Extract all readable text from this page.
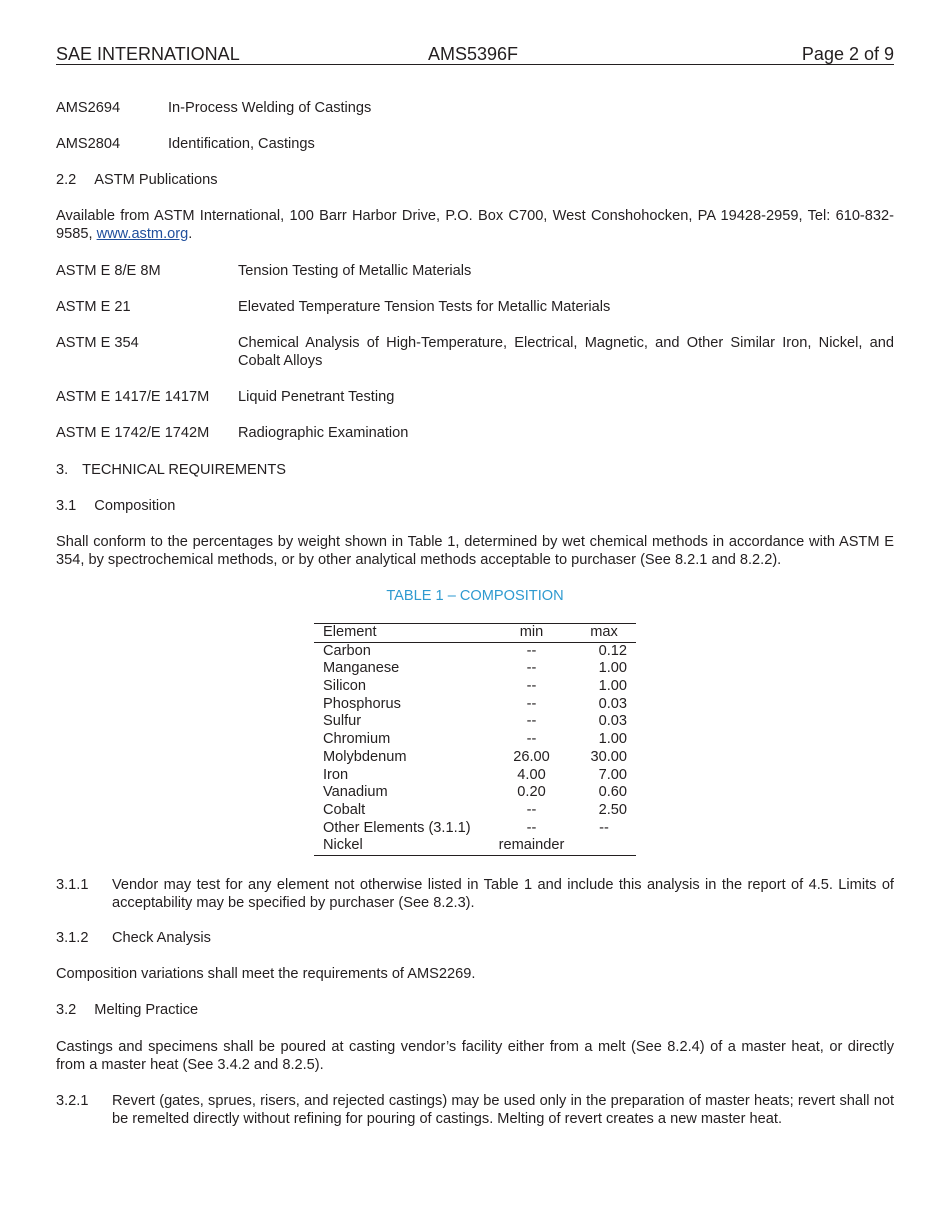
SAE INTERNATIONAL	AMS5396F	Page 2 of 9
AMS2694	In-Process Welding of Castings
AMS2804	Identification, Castings
2.2 ASTM Publications
Available from ASTM International, 100 Barr Harbor Drive, P.O. Box C700, West Conshohocken, PA 19428-2959, Tel: 610-832-9585, www.astm.org.
ASTM E 8/E 8M	Tension Testing of Metallic Materials
ASTM E 21	Elevated Temperature Tension Tests for Metallic Materials
ASTM E 354	Chemical Analysis of High-Temperature, Electrical, Magnetic, and Other Similar Iron, Nickel, and Cobalt Alloys
ASTM E 1417/E 1417M Liquid Penetrant Testing
ASTM E 1742/E 1742M Radiographic Examination
3. TECHNICAL REQUIREMENTS
3.1 Composition
Shall conform to the percentages by weight shown in Table 1, determined by wet chemical methods in accordance with ASTM E 354, by spectrochemical methods, or by other analytical methods acceptable to purchaser (See 8.2.1 and 8.2.2).
TABLE 1 – COMPOSITION
Element	min	max
Carbon	--	0.12
Manganese	--	1.00
Silicon	--	1.00
Phosphorus	--	0.03
Sulfur	--	0.03
Chromium	--	1.00
Molybdenum	26.00	30.00
Iron	4.00	7.00
Vanadium	0.20	0.60
Cobalt	--	2.50
Other Elements (3.1.1)	--	--
Nickel	remainder
3.1.1 Vendor may test for any element not otherwise listed in Table 1 and include this analysis in the report of 4.5. Limits of acceptability may be specified by purchaser (See 8.2.3).
3.1.2 Check Analysis
Composition variations shall meet the requirements of AMS2269.
3.2 Melting Practice
Castings and specimens shall be poured at casting vendor’s facility either from a melt (See 8.2.4) of a master heat, or directly from a master heat (See 3.4.2 and 8.2.5).
3.2.1 Revert (gates, sprues, risers, and rejected castings) may be used only in the preparation of master heats; revert shall not be remelted directly without refining for pouring of castings. Melting of revert creates a new master heat.
